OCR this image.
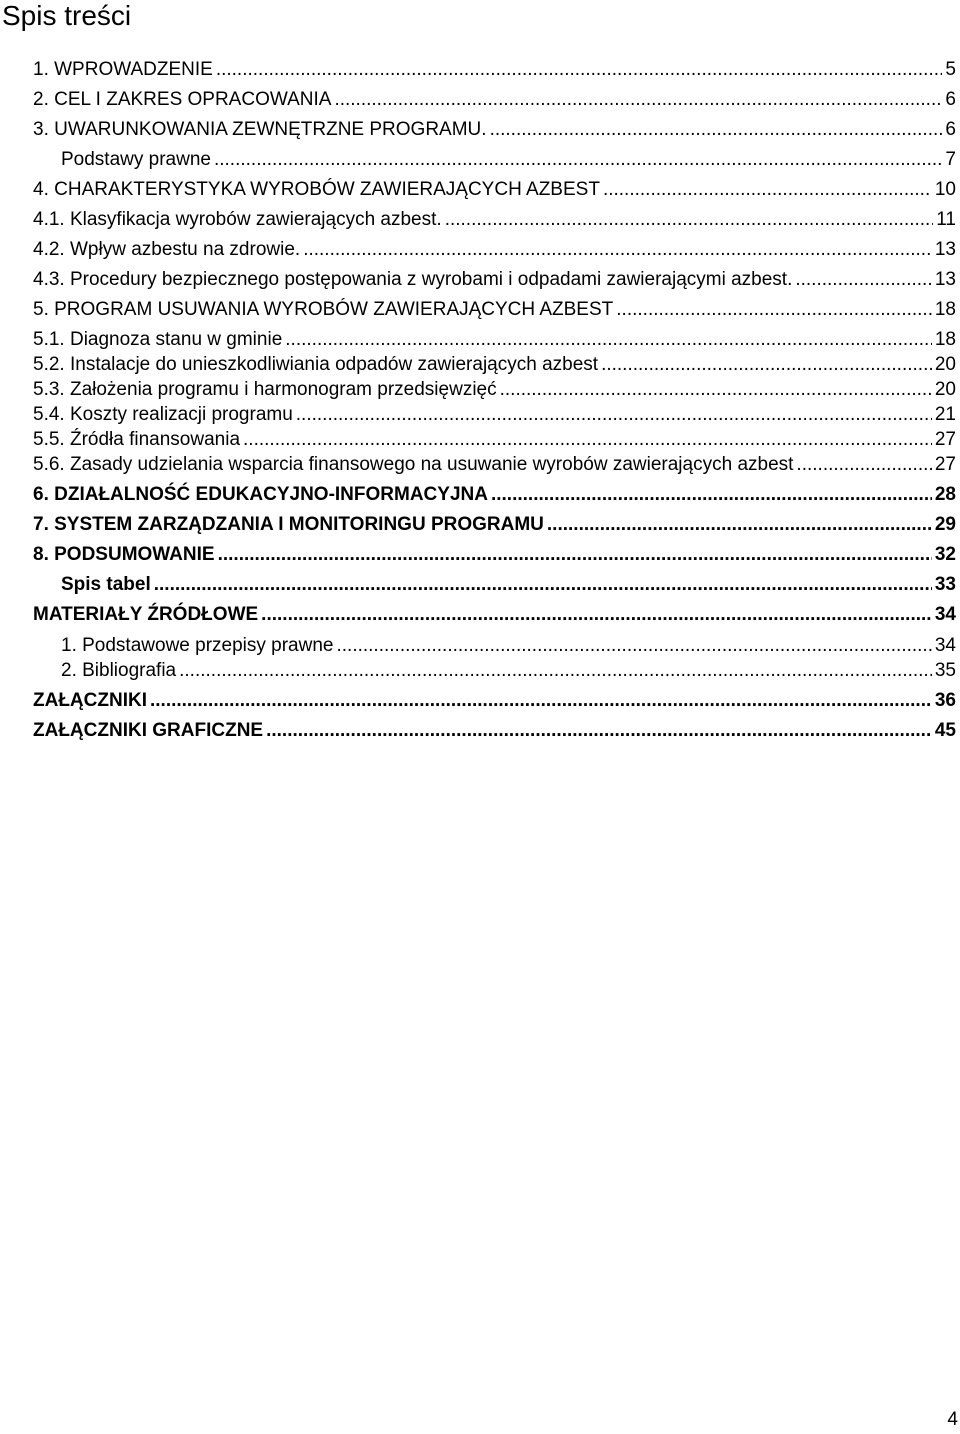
Spis treści
1. WPROWADZENIE .....	5
2. CEL I ZAKRES OPRACOWANIA .....	6
3. UWARUNKOWANIA ZEWNĘTRZNE PROGRAMU. .....	6
Podstawy prawne .....	7
4. CHARAKTERYSTYKA WYROBÓW ZAWIERAJĄCYCH AZBEST .....	10
4.1. Klasyfikacja wyrobów zawierających azbest. .....	11
4.2. Wpływ azbestu na zdrowie. .....	13
4.3. Procedury bezpiecznego postępowania z wyrobami i odpadami zawierającymi azbest. .....	13
5. PROGRAM USUWANIA WYROBÓW ZAWIERAJĄCYCH AZBEST .....	18
5.1. Diagnoza stanu w gminie .....	18
5.2. Instalacje do unieszkodliwiania odpadów zawierających azbest .....	20
5.3. Założenia programu i harmonogram przedsięwzięć .....	20
5.4. Koszty realizacji programu .....	21
5.5. Źródła finansowania .....	27
5.6. Zasady udzielania wsparcia finansowego na usuwanie wyrobów zawierających azbest .....	27
6. DZIAŁALNOŚĆ EDUKACYJNO-INFORMACYJNA .....	28
7. SYSTEM ZARZĄDZANIA I MONITORINGU PROGRAMU .....	29
8. PODSUMOWANIE .....	32
Spis tabel .....	33
MATERIAŁY ŹRÓDŁOWE .....	34
1. Podstawowe przepisy prawne .....	34
2. Bibliografia .....	35
ZAŁĄCZNIKI .....	36
ZAŁĄCZNIKI GRAFICZNE .....	45
4
